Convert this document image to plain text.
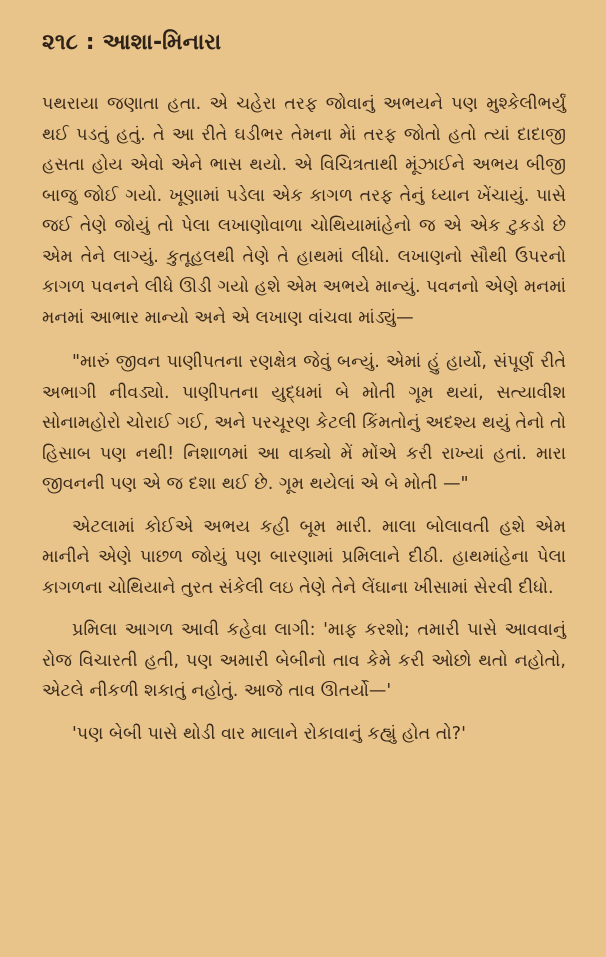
૨૧૮ : આશા-મિનારા

પથરાયા જણાતા હતા. એ ચહેરા તરફ જોવાનું અભયને પણ મુશ્કેલીભર્યું થઈ પડતું હતું. તે આ રીતે ઘડીભર તેમના મેાં તરફ જોતો હતો ત્યાં દાદાજી હસતા હોય એવો એને ભાસ થયો. એ વિચિત્રતાથી મૂંઝાઈને અભય બીજી બાજુ જોઈ ગયો. ખૂણામાં પડેલા એક કાગળ તરફ તેનું ધ્યાન ખેંચાયું. પાસે જઈ તેણે જોયું તો પેલા લખાણોવાળા ચોથિયામાંહેનો જ એ એક ટુકડો છે એમ તેને લાગ્યું. કુતૂહલથી તેણે તે હાથમાં લીધો. લખાણનો સૌથી ઉપરનો કાગળ પવનને લીધે ઊડી ગયો હશે એમ અભયે માન્યું. પવનનો એણે મનમાં મનમાં આભાર માન્યો અને એ લખાણ વાંચવા માંડ્યું—

"મારું જીવન પાણીપતના રણક્ષેત્ર જેવું બન્યું. એમાં હું હાર્યો, સંપૂર્ણ રીતે અભાગી નીવડ્યો. પાણીપતના યુદ્ધમાં બે મોતી ગૂમ થયાં, સત્યાવીશ સોનામહોરો ચોરાઈ ગઈ, અને પરચૂરણ કેટલી કિંમતોનું અદશ્ય થયું તેનો તો હિસાબ પણ નથી! નિશાળમાં આ વાક્યો મેં મોંએ કરી રાખ્યાં હતાં. મારા જીવનની પણ એ જ દશા થઈ છે. ગૂમ થયેલાં એ બે મોતી —"

એટલામાં કોઈએ અભય કહી બૂમ મારી. માલા બોલાવતી હશે એમ માનીને એણે પાછળ જોયું પણ બારણામાં પ્રમિલાને દીઠી. હાથમાંહેના પેલા કાગળના ચોથિયાને તુરત સંકેલી લઇ તેણે તેને લેંઘાના ખીસામાં સેરવી દીધો.

પ્રમિલા આગળ આવી કહેવા લાગી: 'માફ કરશો; તમારી પાસે આવવાનું રોજ વિચારતી હતી, પણ અમારી બેબીનો તાવ કેમે કરી ઓછો થતો નહોતો, એટલે નીકળી શકાતું નહોતું. આજે તાવ ઊતર્યો—'

'પણ બેબી પાસે થોડી વાર માલાને રોકાવાનું કહ્યું હોત તો?'
